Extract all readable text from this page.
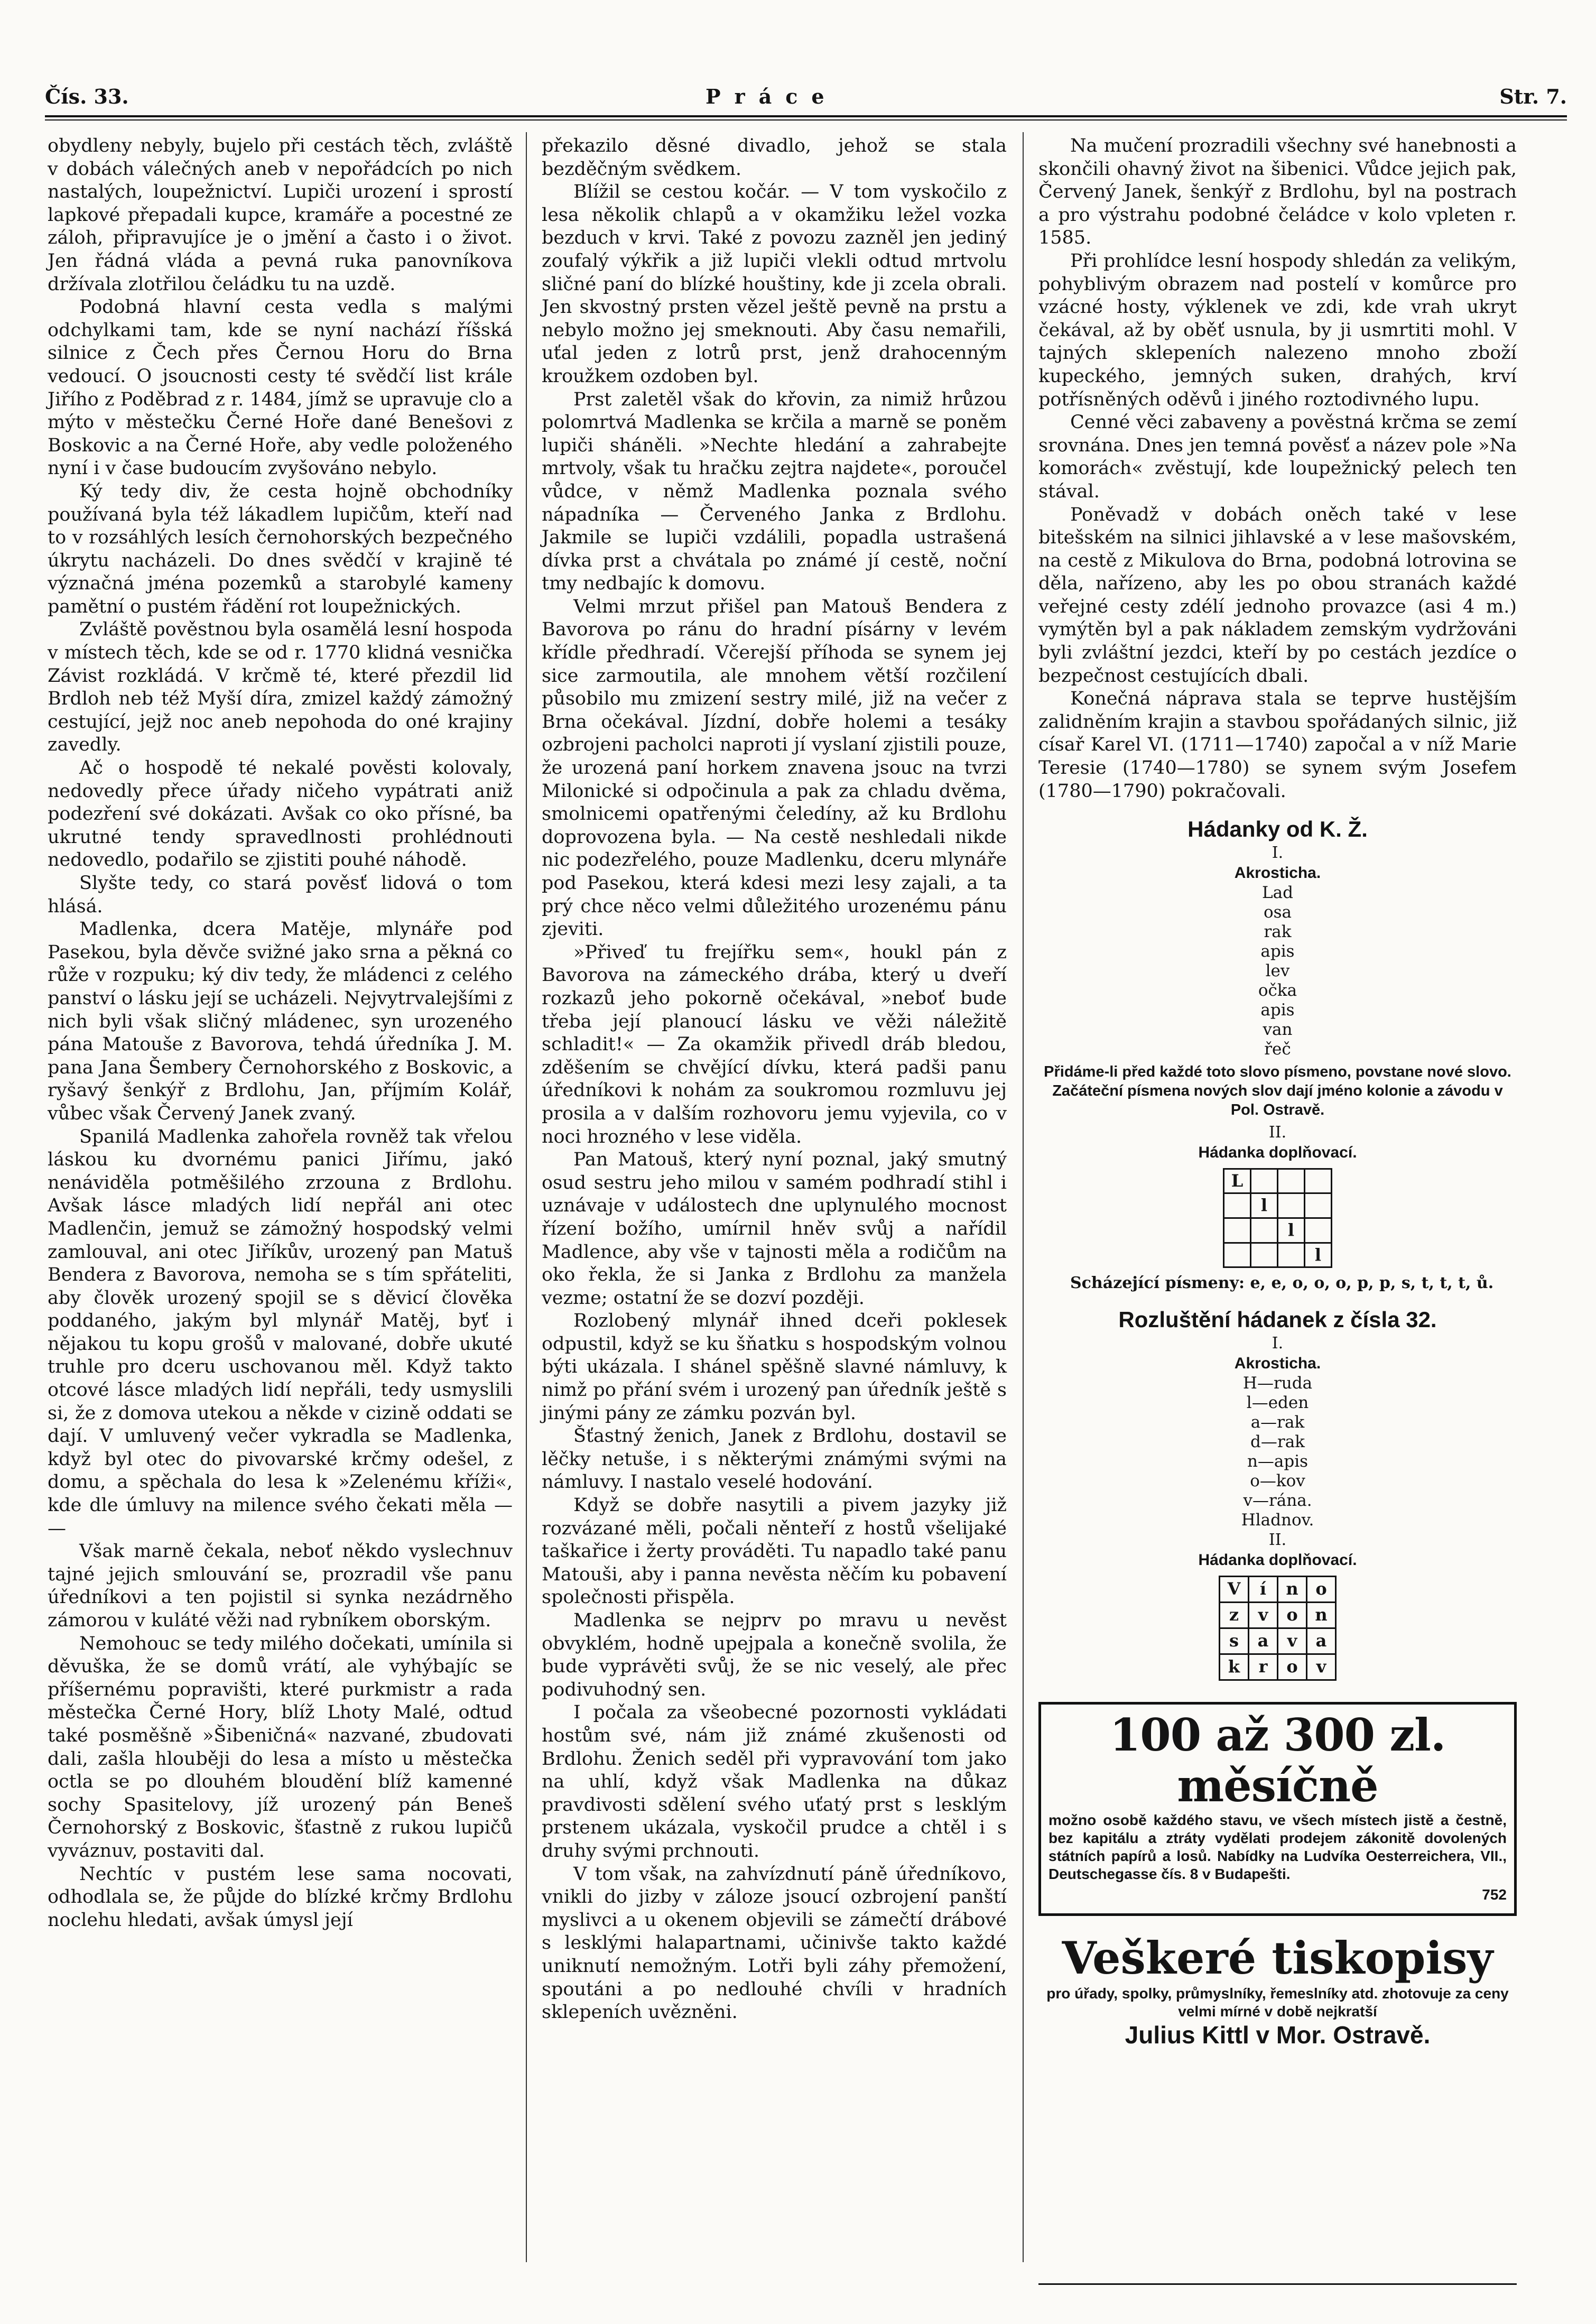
Čís. 33.	Práce	Str. 7.

obydleny nebyly, bujelo při cestách těch, zvláště v dobách válečných aneb v nepořádcích po nich nastalých, loupežnictví. Lupiči urození i sprostí lapkové přepadali kupce, kramáře a pocestné ze záloh, připravujíce je o jmění a často i o život. Jen řádná vláda a pevná ruka panovníkova držívala zlotřilou čeládku tu na uzdě.

Podobná hlavní cesta vedla s malými odchylkami tam, kde se nyní nachází říšská silnice z Čech přes Černou Horu do Brna vedoucí. O jsoucnosti cesty té svědčí list krále Jiřího z Poděbrad z r. 1484, jímž se upravuje clo a mýto v městečku Černé Hoře dané Benešovi z Boskovic a na Černé Hoře, aby vedle položeného nyní i v čase budoucím zvyšováno nebylo.

Ký tedy div, že cesta hojně obchodníky používaná byla též lákadlem lupičům, kteří nad to v rozsáhlých lesích černohorských bezpečného úkrytu nacházeli. Do dnes svědčí v krajině té význačná jména pozemků a starobylé kameny pamětní o pustém řádění rot loupežnických.

Zvláště pověstnou byla osamělá lesní hospoda v místech těch, kde se od r. 1770 klidná vesnička Závist rozkládá. V krčmě té, které přezdil lid Brdloh neb též Myší díra, zmizel každý zámožný cestující, jejž noc aneb nepohoda do oné krajiny zavedly.

Ač o hospodě té nekalé pověsti kolovaly, nedovedly přece úřady ničeho vypátrati aniž podezření své dokázati. Avšak co oko přísné, ba ukrutné tendy spravedlnosti prohlédnouti nedovedlo, podařilo se zjistiti pouhé náhodě.

Slyšte tedy, co stará pověsť lidová o tom hlásá.

Madlenka, dcera Matěje, mlynáře pod Pasekou, byla děvče svižné jako srna a pěkná co růže v rozpuku; ký div tedy, že mládenci z celého panství o lásku její se ucházeli. Nejvytrvalejšími z nich byli však sličný mládenec, syn urozeného pána Matouše z Bavorova, tehdá úředníka J. M. pana Jana Šembery Černohorského z Boskovic, a ryšavý šenkýř z Brdlohu, Jan, příjmím Kolář, vůbec však Červený Janek zvaný.

Spanilá Madlenka zahořela rovněž tak vřelou láskou ku dvornému panici Jiřímu, jakó nenáviděla potměšilého zrzouna z Brdlohu. Avšak lásce mladých lidí nepřál ani otec Madlenčin, jemuž se zámožný hospodský velmi zamlouval, ani otec Jiříkův, urozený pan Matuš Bendera z Bavorova, nemoha se s tím spřáteliti, aby člověk urozený spojil se s děvicí člověka poddaného, jakým byl mlynář Matěj, byť i nějakou tu kopu grošů v malované, dobře ukuté truhle pro dceru uschovanou měl. Když takto otcové lásce mladých lidí nepřáli, tedy usmyslili si, že z domova utekou a někde v cizině oddati se dají. V umluvený večer vykradla se Madlenka, když byl otec do pivovarské krčmy odešel, z domu, a spěchala do lesa k »Zelenému kříži«, kde dle úmluvy na milence svého čekati měla — —

Však marně čekala, neboť někdo vyslechnuv tajné jejich smlouvání se, prozradil vše panu úředníkovi a ten pojistil si synka nezádrněho zámorou v kuláté věži nad rybníkem oborským.

Nemohouc se tedy milého dočekati, umínila si děvuška, že se domů vrátí, ale vyhýbajíc se příšernému popravišti, které purkmistr a rada městečka Černé Hory, blíž Lhoty Malé, odtud také posměšně »Šibeničná« nazvané, zbudovati dali, zašla hlouběji do lesa a místo u městečka octla se po dlouhém bloudění blíž kamenné sochy Spasitelovy, jíž urozený pán Beneš Černohorský z Boskovic, šťastně z rukou lupičů vyváznuv, postaviti dal.

Nechtíc v pustém lese sama nocovati, odhodlala se, že půjde do blízké krčmy Brdlohu noclehu hledati, avšak úmysl její

překazilo děsné divadlo, jehož se stala bezděčným svědkem.

Blížil se cestou kočár. — V tom vyskočilo z lesa několik chlapů a v okamžiku ležel vozka bezduch v krvi. Také z povozu zazněl jen jediný zoufalý výkřik a již lupiči vlekli odtud mrtvolu sličné paní do blízké houštiny, kde ji zcela obrali. Jen skvostný prsten vězel ještě pevně na prstu a nebylo možno jej smeknouti. Aby času nemařili, uťal jeden z lotrů prst, jenž drahocenným kroužkem ozdoben byl.

Prst zaletěl však do křovin, za nimiž hrůzou polomrtvá Madlenka se krčila a marně se poněm lupiči sháněli. »Nechte hledání a zahrabejte mrtvoly, však tu hračku zejtra najdete«, poroučel vůdce, v němž Madlenka poznala svého nápadníka — Červeného Janka z Brdlohu. Jakmile se lupiči vzdálili, popadla ustrašená dívka prst a chvátala po známé jí cestě, noční tmy nedbajíc k domovu.

Velmi mrzut přišel pan Matouš Bendera z Bavorova po ránu do hradní písárny v levém křídle předhradí. Včerejší příhoda se synem jej sice zarmoutila, ale mnohem větší rozčilení působilo mu zmizení sestry milé, již na večer z Brna očekával. Jízdní, dobře holemi a tesáky ozbrojeni pacholci naproti jí vyslaní zjistili pouze, že urozená paní horkem znavena jsouc na tvrzi Milonické si odpočinula a pak za chladu dvěma, smolnicemi opatřenými čeledíny, až ku Brdlohu doprovozena byla. — Na cestě neshledali nikde nic podezřelého, pouze Madlenku, dceru mlynáře pod Pasekou, která kdesi mezi lesy zajali, a ta prý chce něco velmi důležitého urozenému pánu zjeviti.

»Přiveď tu frejířku sem«, houkl pán z Bavorova na zámeckého drába, který u dveří rozkazů jeho pokorně očekával, »neboť bude třeba její planoucí lásku ve věži náležitě schladit!« — Za okamžik přivedl dráb bledou, zděšením se chvějící dívku, která padši panu úředníkovi k nohám za soukromou rozmluvu jej prosila a v dalším rozhovoru jemu vyjevila, co v noci hrozného v lese viděla.

Pan Matouš, který nyní poznal, jaký smutný osud sestru jeho milou v samém podhradí stihl i uznávaje v událostech dne uplynulého mocnost řízení božího, umírnil hněv svůj a nařídil Madlence, aby vše v tajnosti měla a rodičům na oko řekla, že si Janka z Brdlohu za manžela vezme; ostatní že se dozví později.

Rozlobený mlynář ihned dceři poklesek odpustil, když se ku šňatku s hospodským volnou býti ukázala. I shánel spěšně slavné námluvy, k nimž po přání svém i urozený pan úředník ještě s jinými pány ze zámku pozván byl.

Šťastný ženich, Janek z Brdlohu, dostavil se lěčky netuše, i s některými známými svými na námluvy. I nastalo veselé hodování.

Když se dobře nasytili a pivem jazyky již rozvázané měli, počali něnteří z hostů všelijaké taškařice i žerty prováděti. Tu napadlo také panu Matouši, aby i panna nevěsta něčím ku pobavení společnosti přispěla.

Madlenka se nejprv po mravu u nevěst obvyklém, hodně upejpala a konečně svolila, že bude vyprávěti svůj, že se nic veselý, ale přec podivuhodný sen.

I počala za všeobecné pozornosti vykládati hostům své, nám již známé zkušenosti od Brdlohu. Ženich seděl při vypravování tom jako na uhlí, když však Madlenka na důkaz pravdivosti sdělení svého uťatý prst s lesklým prstenem ukázala, vyskočil prudce a chtěl i s druhy svými prchnouti.

V tom však, na zahvízdnutí páně úředníkovo, vnikli do jizby v záloze jsoucí ozbrojení panští myslivci a u okenem objevili se zámečtí drábové s lesklými halapartnami, učinivše takto každé uniknutí nemožným. Lotři byli záhy přemožení, spoutáni a po nedlouhé chvíli v hradních sklepeních uvězněni.

Na mučení prozradili všechny své hanebnosti a skončili ohavný život na šibenici. Vůdce jejich pak, Červený Janek, šenkýř z Brdlohu, byl na postrach a pro výstrahu podobné čeládce v kolo vpleten r. 1585.

Při prohlídce lesní hospody shledán za velikým, pohyblivým obrazem nad postelí v komůrce pro vzácné hosty, výklenek ve zdi, kde vrah ukryt čekával, až by oběť usnula, by ji usmrtiti mohl. V tajných sklepeních nalezeno mnoho zboží kupeckého, jemných suken, drahých, krví potřísněných oděvů i jiného roztodivného lupu.

Cenné věci zabaveny a pověstná krčma se zemí srovnána. Dnes jen temná pověsť a název pole »Na komorách« zvěstují, kde loupežnický pelech ten stával.

Poněvadž v dobách oněch také v lese bitešském na silnici jihlavské a v lese mašovském, na cestě z Mikulova do Brna, podobná lotrovina se děla, nařízeno, aby les po obou stranách každé veřejné cesty zdélí jednoho provazce (asi 4 m.) vymýtěn byl a pak nákladem zemským vydržováni byli zvláštní jezdci, kteří by po cestách jezdíce o bezpečnost cestujících dbali.

Konečná náprava stala se teprve hustějším zalidněním krajin a stavbou spořádaných silnic, již císař Karel VI. (1711—1740) započal a v níž Marie Teresie (1740—1780) se synem svým Josefem (1780—1790) pokračovali.

Hádanky od K. Ž.
I.
Akrostichа.
Lad
osa
rak
apis
lev
očka
apis
van
řeč
Přidáme-li před každé toto slovo písmeno, povstane nové slovo. Začáteční písmena nových slov dají jméno kolonie a závodu v Pol. Ostravě.
II.
Hádanka doplňovací.
L			
	l		
		l	
			l

Scházející písmeny: e, e, o, o, o, p, p, s, t, t, t, ů.

Rozluštění hádanek z čísla 32.
I.
Akrosticha.
H—ruda
l—eden
a—rak
d—rak
n—apis
o—kov
v—rána.
Hladnov.
II.
Hádanka doplňovací.
V	í	n	o
z	v	o	n
s	a	v	a
k	r	o	v
100 až 300 zl. měsíčně
možno osobě každého stavu, ve všech místech jistě a čestně, bez kapitálu a ztráty vydělati prodejem zákonitě dovolených státních papírů a losů. Nabídky na Ludvíka Oesterreichera, VII., Deutschegasse čís. 8 v Budapešti.
752
Veškeré tiskopisy
pro úřady, spolky, průmyslníky, řemeslníky atd. zhotovuje za ceny velmi mírné v době nejkratší
Julius Kittl v Mor. Ostravě.
